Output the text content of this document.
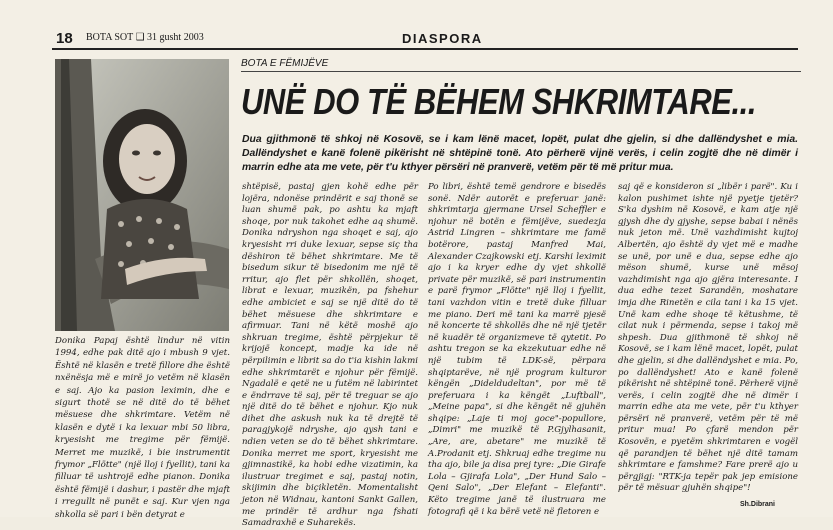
18 BOTA SOT ❑ 31 gusht 2003	DIASPORA
Donika Papaj është lindur në vitin 1994, edhe pak ditë ajo i mbush 9 vjet. Është në klasën e tretë fillore dhe është nxënësja më e mirë jo vetëm në klasën e saj. Ajo ka pasion leximin, dhe e sigurt thotë se në ditë do të bëhet mësuese dhe shkrimtare. Vetëm në klasën e dytë i ka lexuar mbi 50 libra, kryesisht me tregime për fëmijë. Merret me muzikë, i bie instrumentit frymor „Flötte" (një lloj i fyellit), tani ka filluar të ushtrojë edhe pianon. Donika është fëmijë i dashur, i pastër dhe mjaft i rregullt në punët e saj. Kur vjen nga shkolla së pari i bën detyrat e
BOTA E FËMIJËVE
UNË DO TË BËHEM SHKRIMTARE...
Dua gjithmonë të shkoj në Kosovë, se i kam lënë macet, lopët, pulat dhe gjelin, si dhe dallëndyshet e mia. Dallëndyshet e kanë folenë pikërisht në shtëpinë tonë. Ato përherë vijnë verës, i celin zogjtë dhe në dimër i marrin edhe ata me vete, për t'u kthyer përsëri në pranverë, vetëm për të më pritur mua.

shtëpisë, pastaj gjen kohë edhe për lojëra, ndonëse prindërit e saj thonë se luan shumë pak, po ashtu ka mjaft shoqe, por nuk takohet edhe aq shumë. Donika ndryshon nga shoqet e saj, ajo kryesisht rri duke lexuar, sepse siç tha dëshiron të bëhet shkrimtare. Me të bisedum sikur të bisedonim me një të rritur, ajo flet për shkollën, shoqet, librat e lexuar, muzikën, pa fshehur edhe ambiciet e saj se një ditë do të bëhet mësuese dhe shkrimtare e afirmuar. Tani në këtë moshë ajo shkruan tregime, është përpjekur të krijojë koncept, madje ka ide në përpilimin e librit sa do t'ia kishin lakmi edhe shkrimtarët e njohur për fëmijë. Ngadalë e qetë ne u futëm në labirintet e ëndrrave të saj, për të treguar se ajo një ditë do të bëhet e njohur. Kjo nuk dihet dhe askush nuk ka të drejtë të paragjykojë ndryshe, ajo qysh tani e ndien veten se do të bëhet shkrimtare. Donika merret me sport, kryesisht me gjimnastikë, ka hobi edhe vizatimin, ka ilustruar tregimet e saj, pastaj notin, skijimin dhe biçikletën. Momentalisht jeton në Widnau, kantoni Sankt Gallen, me prindër të ardhur nga fshati Samadraxhë e Suharekës.

Po libri, është temë gendrore e bisedës sonë. Ndër autorët e preferuar janë: shkrimtarja gjermane Ursel Scheffler e njohur në botën e fëmijëve, suedezja Astrid Lingren – shkrimtare me famë botërore, pastaj Manfred Mai, Alexander Czajkowski etj. Karshi leximit ajo i ka kryer edhe dy vjet shkollë private për muzikë, së pari instrumentin e parë frymor „Flötte" një lloj i fyellit, tani vazhdon vitin e tretë duke filluar me piano. Deri më tani ka marrë pjesë në koncerte të shkollës dhe në një tjetër në kuadër të organizmeve të qytetit. Po ashtu tregon se ka ekzekutuar edhe në një tubim të LDK-së, përpara shqiptarëve, në një program kulturor këngën „Dideldudeltan", por më të preferuara i ka këngët „Luftball", „Meine papa", si dhe këngët në gjuhën shqipe: „Laje ti moj goce"-popullore, „Dimri" me muzikë të P.Gjylhasanit, „Are, are, abetare" me muzikë të A.Prodanit etj. Shkruaj edhe tregime nu tha ajo, bile ja disa prej tyre: „Die Girafe Lola – Gjirafa Lola", „Der Hund Salo – Qeni Salo", „Der Elefant – Elefanti". Këto tregime janë të ilustruara me fotografi që i ka bërë vetë në fletoren e

saj që e konsideron si „libër i parë". Ku i kalon pushimet ishte një pyetje tjetër? S'ka dyshim në Kosovë, e kam atje një gjysh dhe dy gjyshe, sepse babai i nënës nuk jeton më. Unë vazhdimisht kujtoj Albertën, ajo është dy vjet më e madhe se unë, por unë e dua, sepse edhe ajo mëson shumë, kurse unë mësoj vazhdimisht nga ajo gjëra interesante. I dua edhe tezet Sarandën, moshatare imja dhe Rinetën e cila tani i ka 15 vjet. Unë kam edhe shoqe të këtushme, të cilat nuk i përmenda, sepse i takoj më shpesh. Dua gjithmonë të shkoj në Kosovë, se i kam lënë macet, lopët, pulat dhe gjelin, si dhe dallëndyshet e mia. Po, po dallëndyshet! Ato e kanë folenë pikërisht në shtëpinë tonë. Përherë vijnë verës, i celin zogjtë dhe në dimër i marrin edhe ata me vete, për t'u kthyer përsëri në pranverë, vetëm për të më pritur mua! Po çfarë mendon për Kosovën, e pyetëm shkrimtaren e vogël që parandjen të bëhet një ditë tamam shkrimtare e famshme? Fare prerë ajo u përgjigj: "RTK-ja tepër pak jep emisione për të mësuar gjuhën shqipe"!

Sh.Dibrani
